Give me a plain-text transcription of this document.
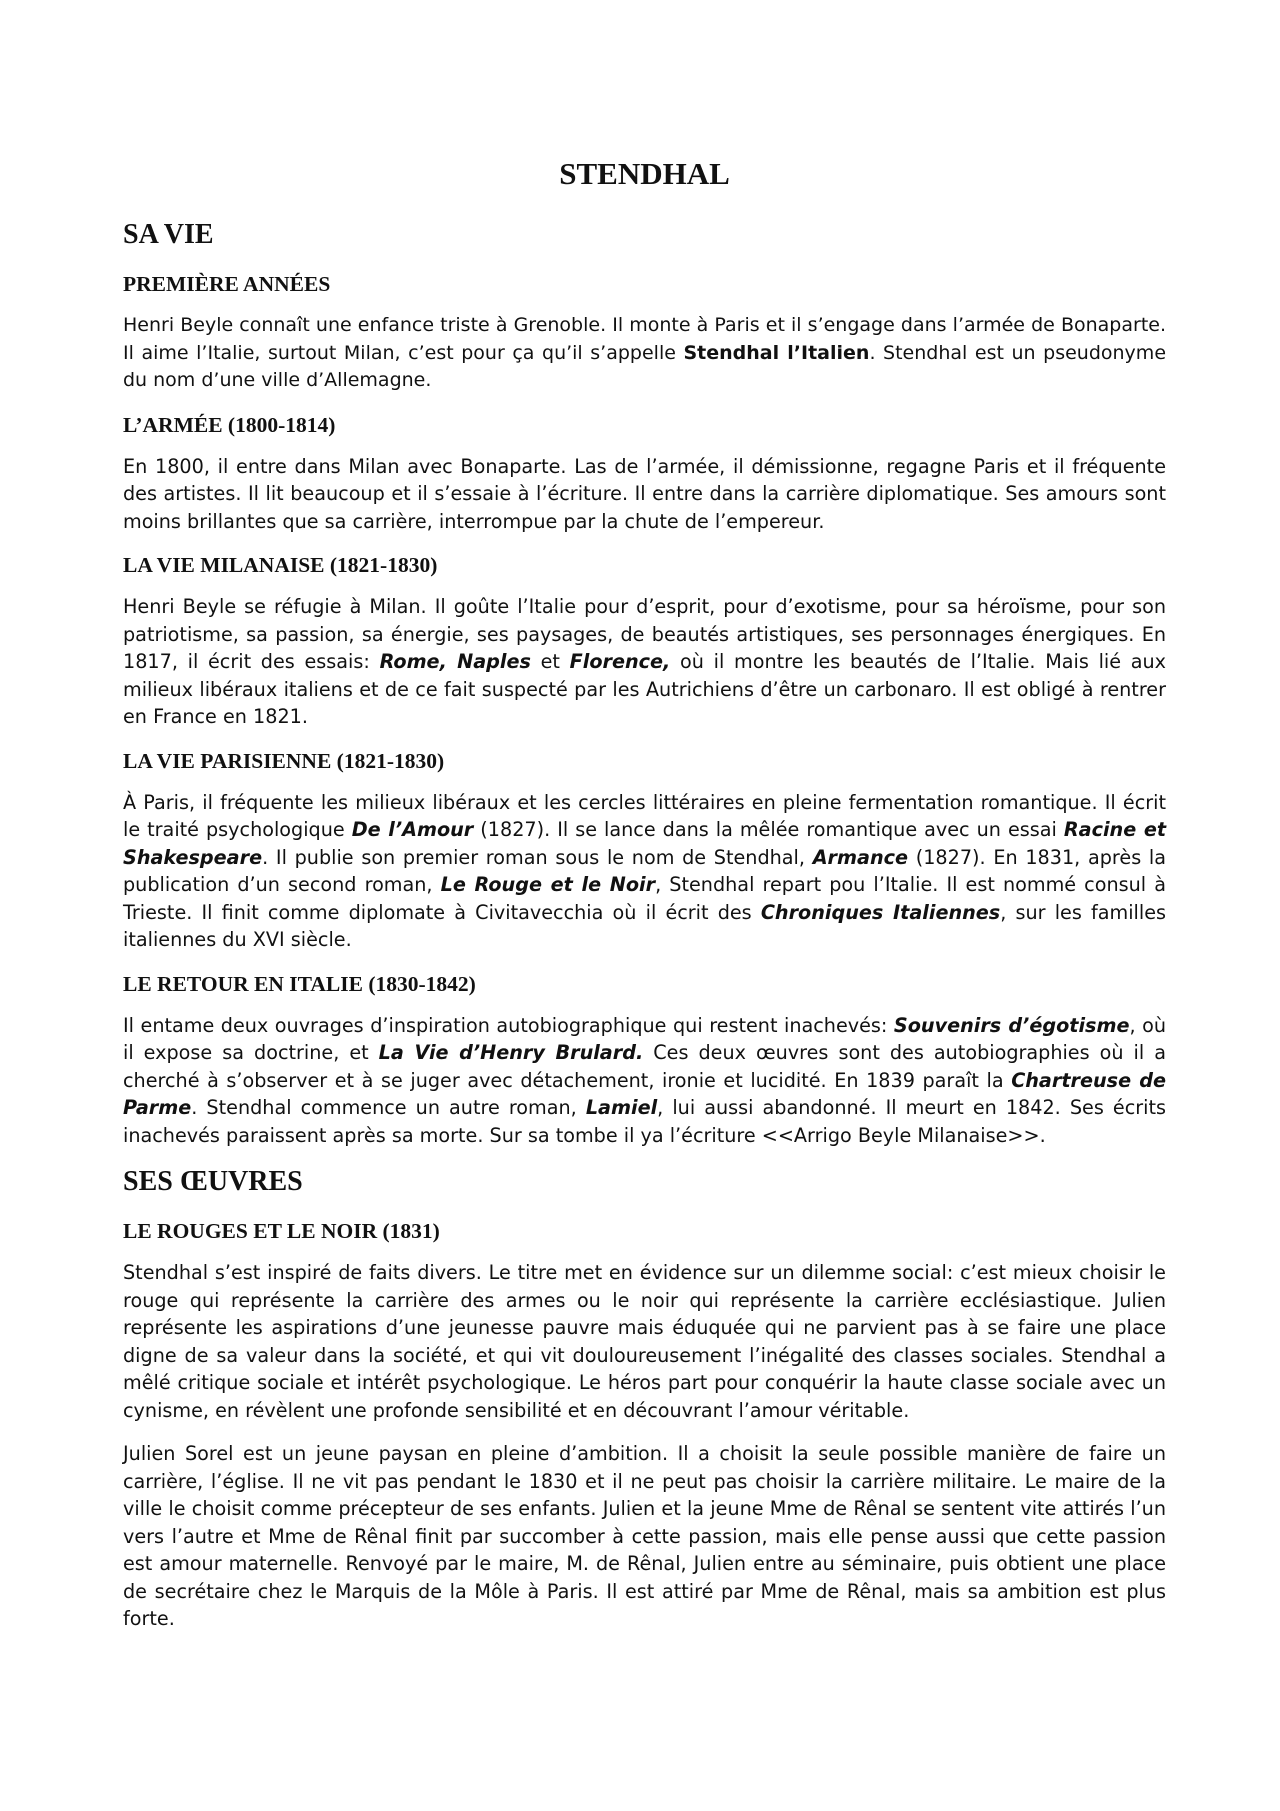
STENDHAL
SA VIE
PREMIÈRE ANNÉES

Henri Beyle connaît une enfance triste à Grenoble. Il monte à Paris et il s’engage dans l’armée de Bonaparte. Il aime l’Italie, surtout Milan, c’est pour ça qu’il s’appelle Stendhal l’Italien. Stendhal est un pseudonyme du nom d’une ville d’Allemagne.

L’ARMÉE (1800-1814)

En 1800, il entre dans Milan avec Bonaparte. Las de l’armée, il démissionne, regagne Paris et il fréquente des artistes. Il lit beaucoup et il s’essaie à l’écriture. Il entre dans la carrière diplomatique. Ses amours sont moins brillantes que sa carrière, interrompue par la chute de l’empereur.

LA VIE MILANAISE (1821-1830)

Henri Beyle se réfugie à Milan. Il goûte l’Italie pour d’esprit, pour d’exotisme, pour sa héroïsme, pour son patriotisme, sa passion, sa énergie, ses paysages, de beautés artistiques, ses personnages énergiques. En 1817, il écrit des essais: Rome, Naples et Florence, où il montre les beautés de l’Italie. Mais lié aux milieux libéraux italiens et de ce fait suspecté par les Autrichiens d’être un carbonaro. Il est obligé à rentrer en France en 1821.

LA VIE PARISIENNE (1821-1830)

À Paris, il fréquente les milieux libéraux et les cercles littéraires en pleine fermentation romantique. Il écrit le traité psychologique De l’Amour (1827). Il se lance dans la mêlée romantique avec un essai Racine et Shakespeare. Il publie son premier roman sous le nom de Stendhal, Armance (1827). En 1831, après la publication d’un second roman, Le Rouge et le Noir, Stendhal repart pou l’Italie. Il est nommé consul à Trieste. Il finit comme diplomate à Civitavecchia où il écrit des Chroniques Italiennes, sur les familles italiennes du XVI siècle.

LE RETOUR EN ITALIE (1830-1842)

Il entame deux ouvrages d’inspiration autobiographique qui restent inachevés: Souvenirs d’égotisme, où il expose sa doctrine, et La Vie d’Henry Brulard. Ces deux œuvres sont des autobiographies où il a cherché à s’observer et à se juger avec détachement, ironie et lucidité. En 1839 paraît la Chartreuse de Parme. Stendhal commence un autre roman, Lamiel, lui aussi abandonné. Il meurt en 1842. Ses écrits inachevés paraissent après sa morte. Sur sa tombe il ya l’écriture <<Arrigo Beyle Milanaise>>.

SES ŒUVRES
LE ROUGES ET LE NOIR (1831)

Stendhal s’est inspiré de faits divers. Le titre met en évidence sur un dilemme social: c’est mieux choisir le rouge qui représente la carrière des armes ou le noir qui représente la carrière ecclésiastique. Julien représente les aspirations d’une jeunesse pauvre mais éduquée qui ne parvient pas à se faire une place digne de sa valeur dans la société, et qui vit douloureusement l’inégalité des classes sociales. Stendhal a mêlé critique sociale et intérêt psychologique. Le héros part pour conquérir la haute classe sociale avec un cynisme, en révèlent une profonde sensibilité et en découvrant l’amour véritable.

Julien Sorel est un jeune paysan en pleine d’ambition. Il a choisit la seule possible manière de faire un carrière, l’église. Il ne vit pas pendant le 1830 et il ne peut pas choisir la carrière militaire. Le maire de la ville le choisit comme précepteur de ses enfants. Julien et la jeune Mme de Rênal se sentent vite attirés l’un vers l’autre et Mme de Rênal finit par succomber à cette passion, mais elle pense aussi que cette passion est amour maternelle. Renvoyé par le maire, M. de Rênal, Julien entre au séminaire, puis obtient une place de secrétaire chez le Marquis de la Môle à Paris. Il est attiré par Mme de Rênal, mais sa ambition est plus forte.
